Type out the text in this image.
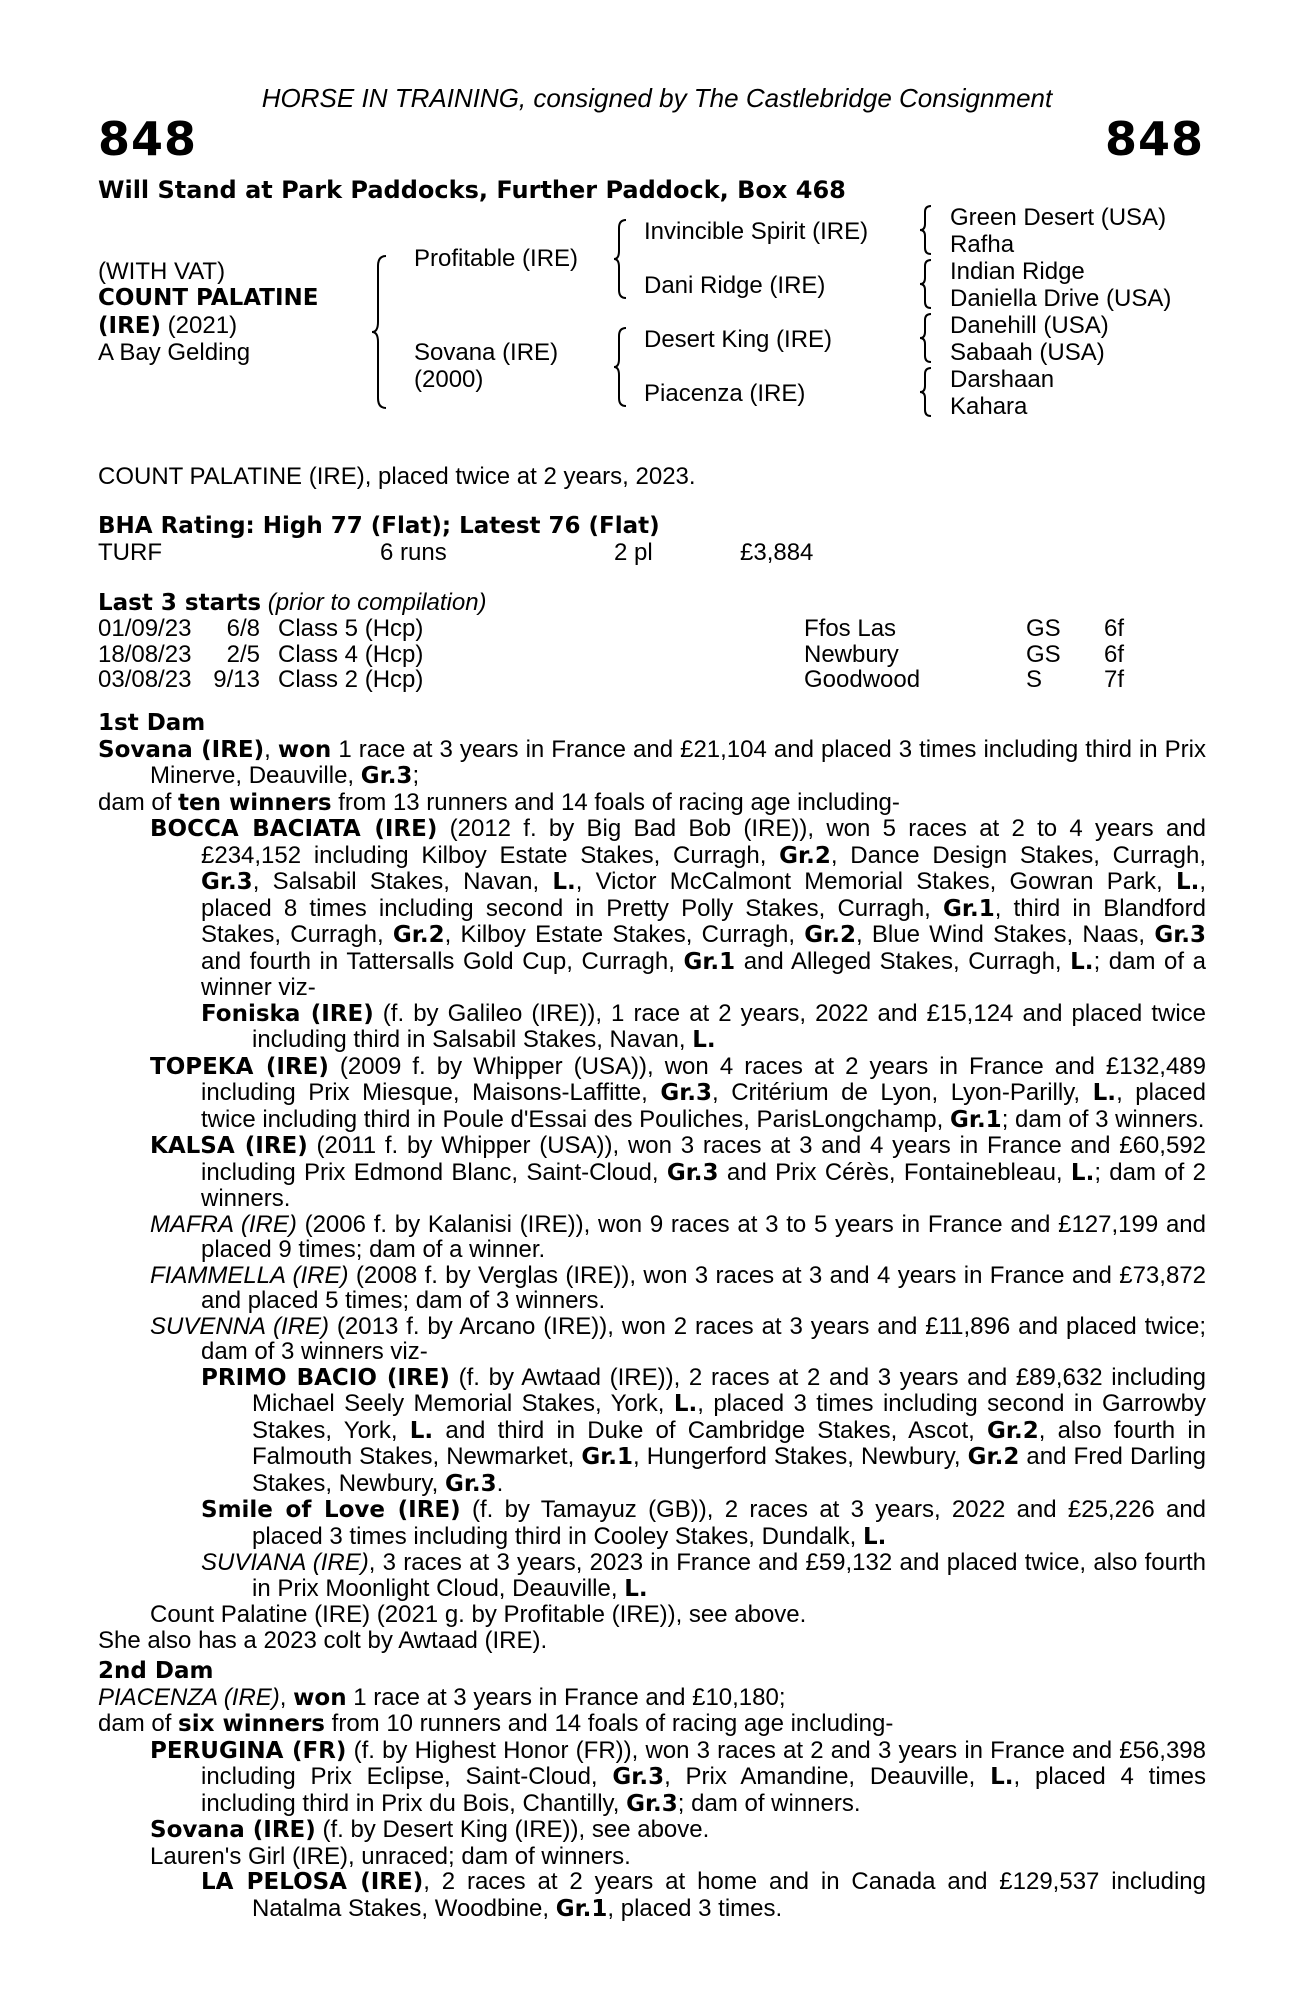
HORSE IN TRAINING, consigned by The Castlebridge Consignment
848	848
Will Stand at Park Paddocks, Further Paddock, Box 468
(WITH VAT)
COUNT PALATINE
(IRE) (2021)
A Bay Gelding
Profitable (IRE)
Sovana (IRE)
(2000)
Invincible Spirit (IRE)
Dani Ridge (IRE)
Desert King (IRE)
Piacenza (IRE)
Green Desert (USA)
Rafha
Indian Ridge
Daniella Drive (USA)
Danehill (USA)
Sabaah (USA)
Darshaan
Kahara
COUNT PALATINE (IRE), placed twice at 2 years, 2023.
BHA Rating: High 77 (Flat); Latest 76 (Flat)
TURF	6 runs	2 pl	£3,884
Last 3 starts (prior to compilation)
01/09/23	6/8	Class 5 (Hcp)	Ffos Las	GS	6f
18/08/23	2/5	Class 4 (Hcp)	Newbury	GS	6f
03/08/23	9/13	Class 2 (Hcp)	Goodwood	S	7f

1st Dam

Sovana (IRE), won 1 race at 3 years in France and £21,104 and placed 3 times including third in Prix Minerve, Deauville, Gr.3;

dam of ten winners from 13 runners and 14 foals of racing age including-

BOCCA BACIATA (IRE) (2012 f. by Big Bad Bob (IRE)), won 5 races at 2 to 4 years and £234,152 including Kilboy Estate Stakes, Curragh, Gr.2, Dance Design Stakes, Curragh, Gr.3, Salsabil Stakes, Navan, L., Victor McCalmont Memorial Stakes, Gowran Park, L., placed 8 times including second in Pretty Polly Stakes, Curragh, Gr.1, third in Blandford Stakes, Curragh, Gr.2, Kilboy Estate Stakes, Curragh, Gr.2, Blue Wind Stakes, Naas, Gr.3 and fourth in Tattersalls Gold Cup, Curragh, Gr.1 and Alleged Stakes, Curragh, L.; dam of a winner viz-

Foniska (IRE) (f. by Galileo (IRE)), 1 race at 2 years, 2022 and £15,124 and placed twice including third in Salsabil Stakes, Navan, L.

TOPEKA (IRE) (2009 f. by Whipper (USA)), won 4 races at 2 years in France and £132,489 including Prix Miesque, Maisons-Laffitte, Gr.3, Critérium de Lyon, Lyon-Parilly, L., placed twice including third in Poule d'Essai des Pouliches, ParisLongchamp, Gr.1; dam of 3 winners.

KALSA (IRE) (2011 f. by Whipper (USA)), won 3 races at 3 and 4 years in France and £60,592 including Prix Edmond Blanc, Saint-Cloud, Gr.3 and Prix Cérès, Fontainebleau, L.; dam of 2 winners.

MAFRA (IRE) (2006 f. by Kalanisi (IRE)), won 9 races at 3 to 5 years in France and £127,199 and placed 9 times; dam of a winner.

FIAMMELLA (IRE) (2008 f. by Verglas (IRE)), won 3 races at 3 and 4 years in France and £73,872 and placed 5 times; dam of 3 winners.

SUVENNA (IRE) (2013 f. by Arcano (IRE)), won 2 races at 3 years and £11,896 and placed twice; dam of 3 winners viz-

PRIMO BACIO (IRE) (f. by Awtaad (IRE)), 2 races at 2 and 3 years and £89,632 including Michael Seely Memorial Stakes, York, L., placed 3 times including second in Garrowby Stakes, York, L. and third in Duke of Cambridge Stakes, Ascot, Gr.2, also fourth in Falmouth Stakes, Newmarket, Gr.1, Hungerford Stakes, Newbury, Gr.2 and Fred Darling Stakes, Newbury, Gr.3.

Smile of Love (IRE) (f. by Tamayuz (GB)), 2 races at 3 years, 2022 and £25,226 and placed 3 times including third in Cooley Stakes, Dundalk, L.

SUVIANA (IRE), 3 races at 3 years, 2023 in France and £59,132 and placed twice, also fourth in Prix Moonlight Cloud, Deauville, L.

Count Palatine (IRE) (2021 g. by Profitable (IRE)), see above.

She also has a 2023 colt by Awtaad (IRE).

2nd Dam

PIACENZA (IRE), won 1 race at 3 years in France and £10,180;

dam of six winners from 10 runners and 14 foals of racing age including-

PERUGINA (FR) (f. by Highest Honor (FR)), won 3 races at 2 and 3 years in France and £56,398 including Prix Eclipse, Saint-Cloud, Gr.3, Prix Amandine, Deauville, L., placed 4 times including third in Prix du Bois, Chantilly, Gr.3; dam of winners.

Sovana (IRE) (f. by Desert King (IRE)), see above.

Lauren's Girl (IRE), unraced; dam of winners.

LA PELOSA (IRE), 2 races at 2 years at home and in Canada and £129,537 including Natalma Stakes, Woodbine, Gr.1, placed 3 times.
